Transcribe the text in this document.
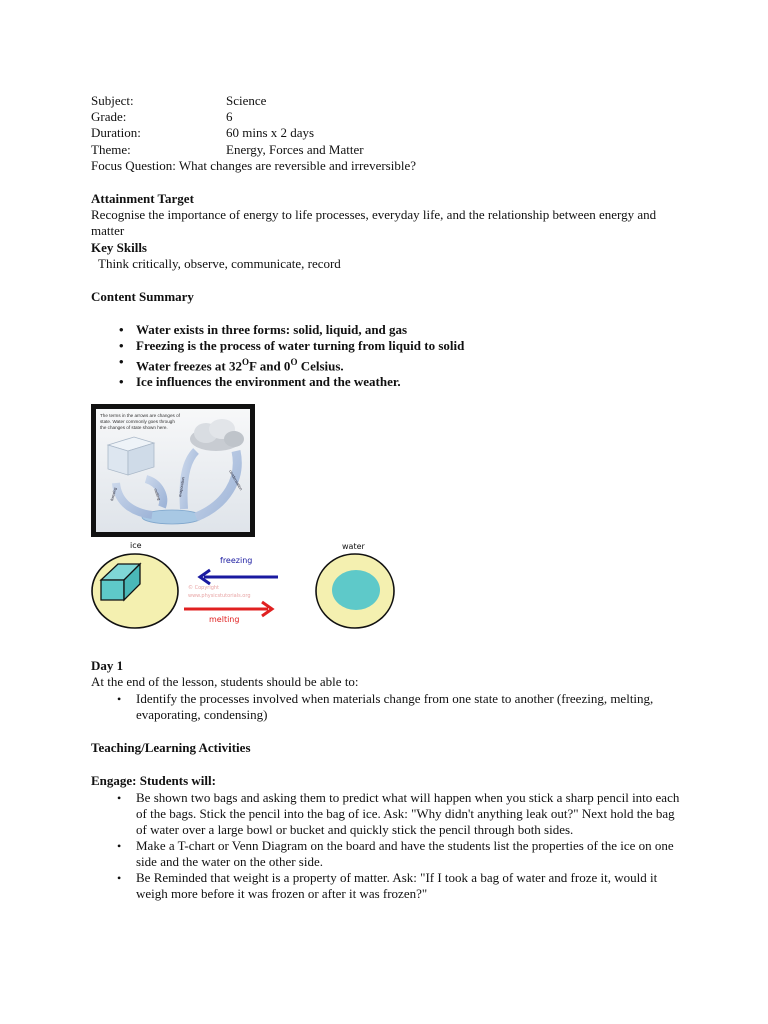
Subject:	Science
Grade:	6
Duration:	60 mins x 2 days
Theme:	Energy, Forces and Matter
Focus Question: What changes are reversible and irreversible?
Attainment Target
Recognise the importance of energy to life processes, everyday life, and the relationship between energy and matter
Key Skills
Think critically, observe, communicate, record
Content Summary
• Water exists in three forms: solid, liquid, and gas
• Freezing is the process of water turning from liquid to solid
• Water freezes at $32^OF$ and $0^O$ Celsius.
• Ice influences the environment and the weather.
The terms in the arrows are changes of
state. Water commonly goes through
the changes of state shown here.
freezing	melting	evaporation	condensation
ice
freezing
© Copyright
www.physicstutorials.org
melting
water
Day 1
At the end of the lesson, students should be able to:
• Identify the processes involved when materials change from one state to another (freezing, melting, evaporating, condensing)
Teaching/Learning Activities
Engage: Students will:
• Be shown two bags and asking them to predict what will happen when you stick a sharp pencil into each of the bags. Stick the pencil into the bag of ice. Ask: "Why didn't anything leak out?" Next hold the bag of water over a large bowl or bucket and quickly stick the pencil through both sides.
• Make a T-chart or Venn Diagram on the board and have the students list the properties of the ice on one side and the water on the other side.
• Be Reminded that weight is a property of matter. Ask: "If I took a bag of water and froze it, would it weigh more before it was frozen or after it was frozen?"
